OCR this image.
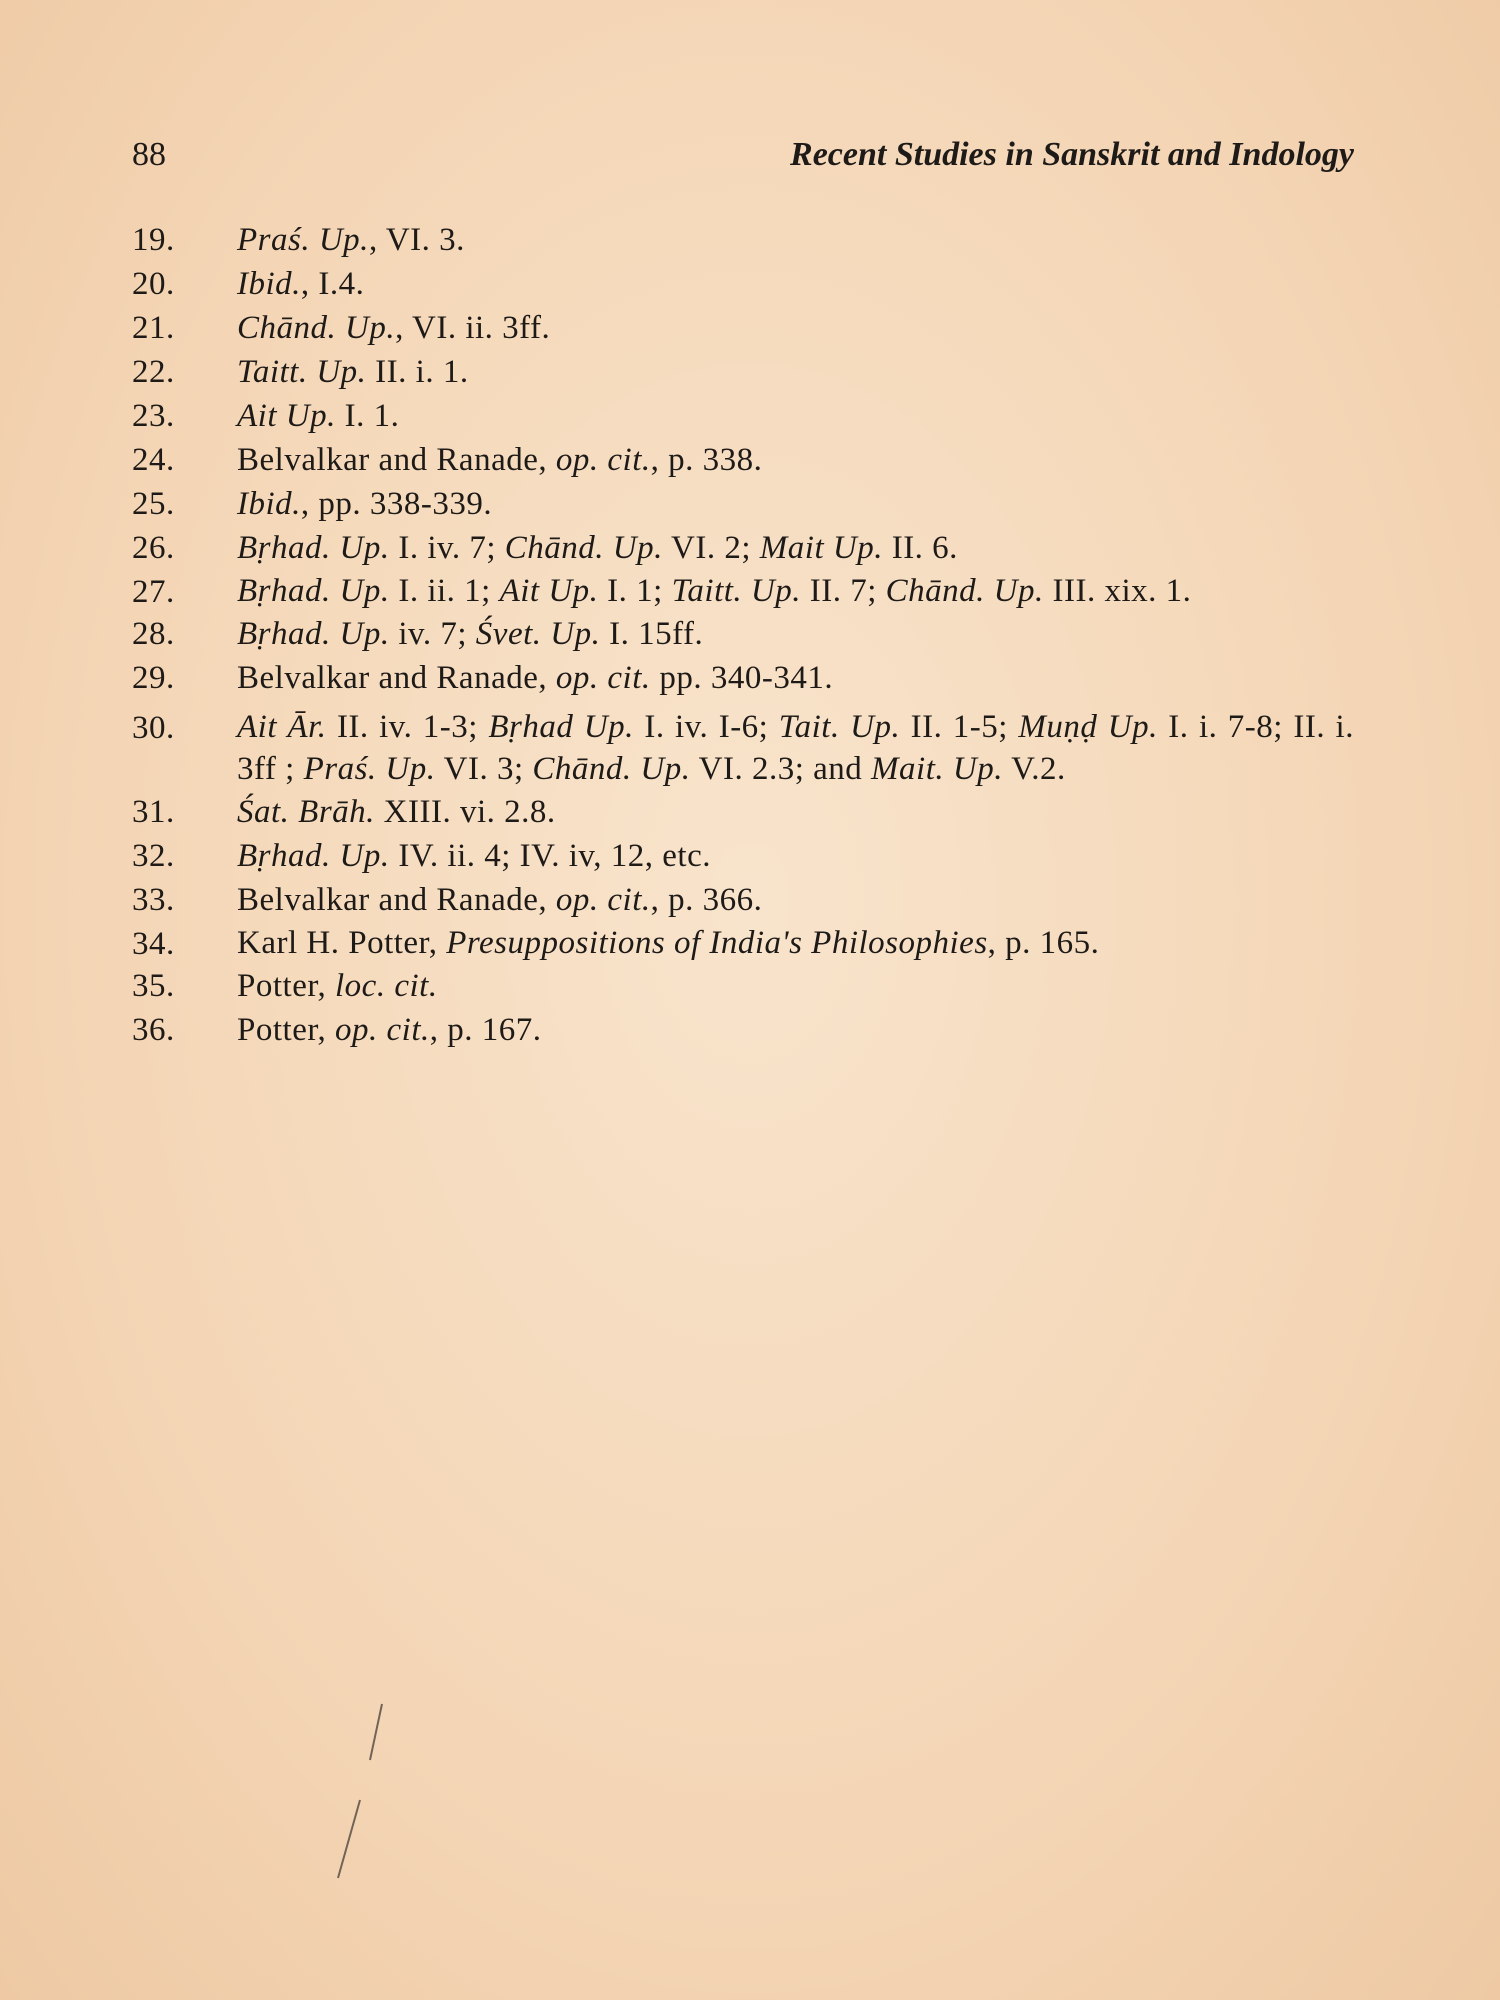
88	Recent Studies in Sanskrit and Indology
19.	Praś. Up., VI. 3.
20.	Ibid., I.4.
21.	Chānd. Up., VI. ii. 3ff.
22.	Taitt. Up. II. i. 1.
23.	Ait Up. I. 1.
24.	Belvalkar and Ranade, op. cit., p. 338.
25.	Ibid., pp. 338-339.
26.	Bṛhad. Up. I. iv. 7; Chānd. Up. VI. 2; Mait Up. II. 6.
27.	Bṛhad. Up. I. ii. 1; Ait Up. I. 1; Taitt. Up. II. 7; Chānd. Up. III. xix. 1.
28.	Bṛhad. Up. iv. 7; Śvet. Up. I. 15ff.
29.	Belvalkar and Ranade, op. cit. pp. 340-341.
30.	Ait Ār. II. iv. 1-3; Bṛhad Up. I. iv. I-6; Tait. Up. II. 1-5; Muṇḍ Up. I. i. 7-8; II. i. 3ff ; Praś. Up. VI. 3; Chānd. Up. VI. 2.3; and Mait. Up. V.2.
31.	Śat. Brāh. XIII. vi. 2.8.
32.	Bṛhad. Up. IV. ii. 4; IV. iv, 12, etc.
33.	Belvalkar and Ranade, op. cit., p. 366.
34.	Karl H. Potter, Presuppositions of India's Philosophies, p. 165.
35.	Potter, loc. cit.
36.	Potter, op. cit., p. 167.
